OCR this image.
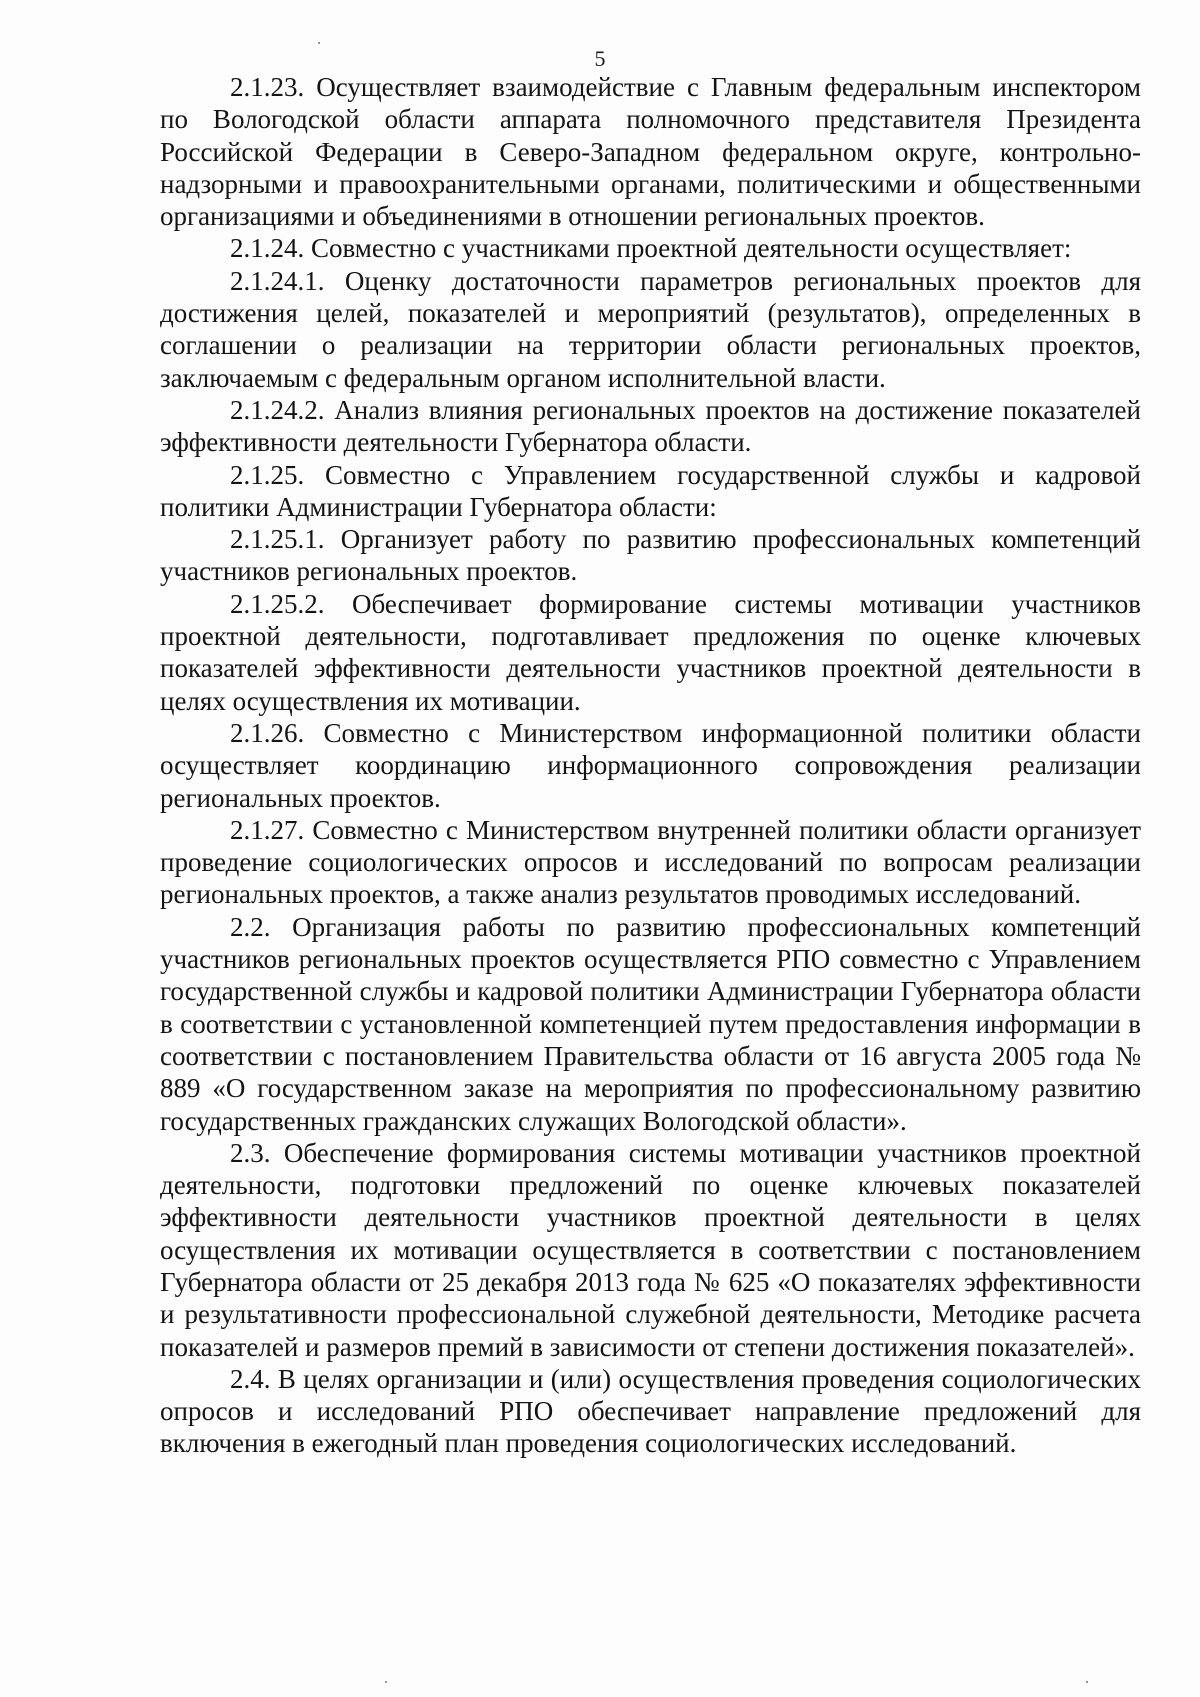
5

2.1.23. Осуществляет взаимодействие с Главным федеральным инспектором по Вологодской области аппарата полномочного представителя Президента Российской Федерации в Северо-Западном федеральном округе, контрольно-надзорными и правоохранительными органами, политическими и общественными организациями и объединениями в отношении региональных проектов.

2.1.24. Совместно с участниками проектной деятельности осуществляет:

2.1.24.1. Оценку достаточности параметров региональных проектов для достижения целей, показателей и мероприятий (результатов), определенных в соглашении о реализации на территории области региональных проектов, заключаемым с федеральным органом исполнительной власти.

2.1.24.2. Анализ влияния региональных проектов на достижение показателей эффективности деятельности Губернатора области.

2.1.25. Совместно с Управлением государственной службы и кадровой политики Администрации Губернатора области:

2.1.25.1. Организует работу по развитию профессиональных компетенций участников региональных проектов.

2.1.25.2. Обеспечивает формирование системы мотивации участников проектной деятельности, подготавливает предложения по оценке ключевых показателей эффективности деятельности участников проектной деятельности в целях осуществления их мотивации.

2.1.26. Совместно с Министерством информационной политики области осуществляет координацию информационного сопровождения реализации региональных проектов.

2.1.27. Совместно с Министерством внутренней политики области организует проведение социологических опросов и исследований по вопросам реализации региональных проектов, а также анализ результатов проводимых исследований.

2.2. Организация работы по развитию профессиональных компетенций участников региональных проектов осуществляется РПО совместно с Управлением государственной службы и кадровой политики Администрации Губернатора области в соответствии с установленной компетенцией путем предоставления информации в соответствии с постановлением Правительства области от 16 августа 2005 года № 889 «О государственном заказе на мероприятия по профессиональному развитию государственных гражданских служащих Вологодской области».

2.3. Обеспечение формирования системы мотивации участников проектной деятельности, подготовки предложений по оценке ключевых показателей эффективности деятельности участников проектной деятельности в целях осуществления их мотивации осуществляется в соответствии с постановлением Губернатора области от 25 декабря 2013 года № 625 «О показателях эффективности и результативности профессиональной служебной деятельности, Методике расчета показателей и размеров премий в зависимости от степени достижения показателей».

2.4. В целях организации и (или) осуществления проведения социологических опросов и исследований РПО обеспечивает направление предложений для включения в ежегодный план проведения социологических исследований.
